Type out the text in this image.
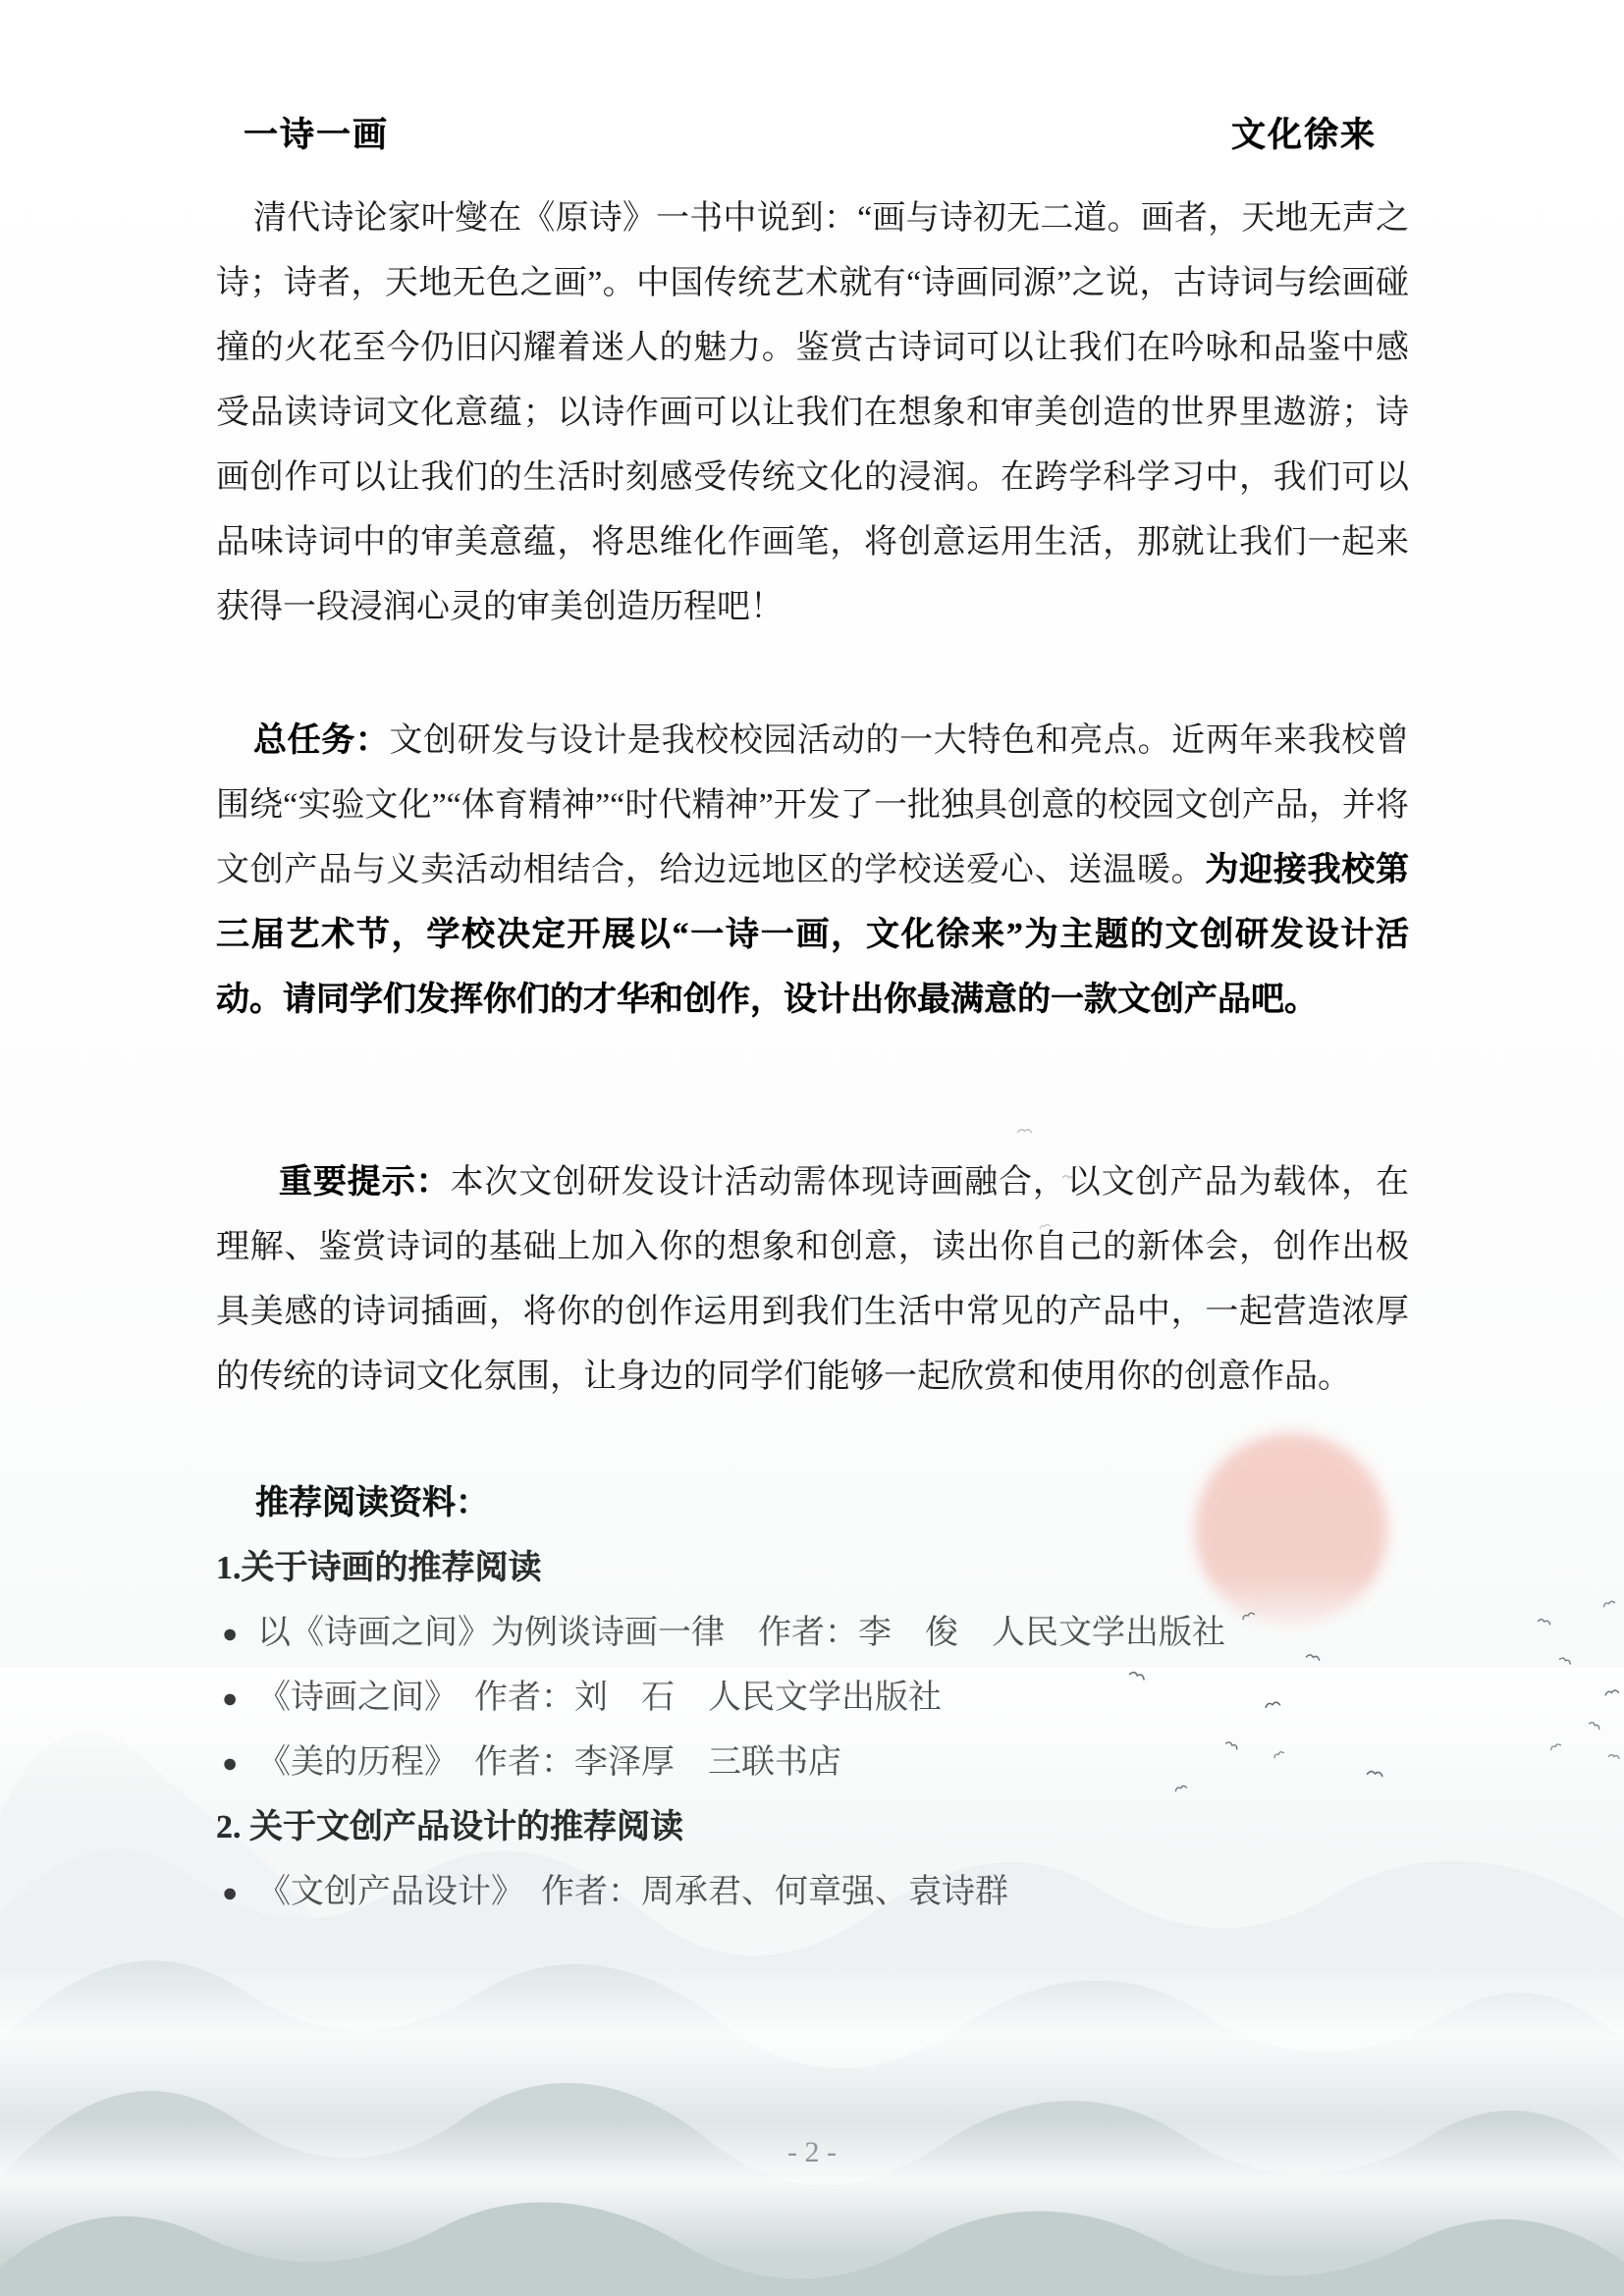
一诗一画	文化徐来

清代诗论家叶燮在《原诗》一书中说到：“画与诗初无二道。画者，天地无声之诗；诗者，天地无色之画”。中国传统艺术就有“诗画同源”之说，古诗词与绘画碰撞的火花至今仍旧闪耀着迷人的魅力。鉴赏古诗词可以让我们在吟咏和品鉴中感受品读诗词文化意蕴；以诗作画可以让我们在想象和审美创造的世界里遨游；诗画创作可以让我们的生活时刻感受传统文化的浸润。在跨学科学习中，我们可以品味诗词中的审美意蕴，将思维化作画笔，将创意运用生活，那就让我们一起来获得一段浸润心灵的审美创造历程吧！

总任务：文创研发与设计是我校校园活动的一大特色和亮点。近两年来我校曾围绕“实验文化”“体育精神”“时代精神”开发了一批独具创意的校园文创产品，并将文创产品与义卖活动相结合，给边远地区的学校送爱心、送温暖。为迎接我校第三届艺术节，学校决定开展以“一诗一画，文化徐来”为主题的文创研发设计活动。请同学们发挥你们的才华和创作，设计出你最满意的一款文创产品吧。

重要提示：本次文创研发设计活动需体现诗画融合，以文创产品为载体，在理解、鉴赏诗词的基础上加入你的想象和创意，读出你自己的新体会，创作出极具美感的诗词插画，将你的创作运用到我们生活中常见的产品中，一起营造浓厚的传统的诗词文化氛围，让身边的同学们能够一起欣赏和使用你的创意作品。

推荐阅读资料：

1.关于诗画的推荐阅读

● 以《诗画之间》为例谈诗画一律　作者：李　俊　人民文学出版社
● 《诗画之间》　作者：刘　石　人民文学出版社
● 《美的历程》　作者：李泽厚　三联书店

2. 关于文创产品设计的推荐阅读

● 《文创产品设计》　作者：周承君、何章强、袁诗群
- 2 -
